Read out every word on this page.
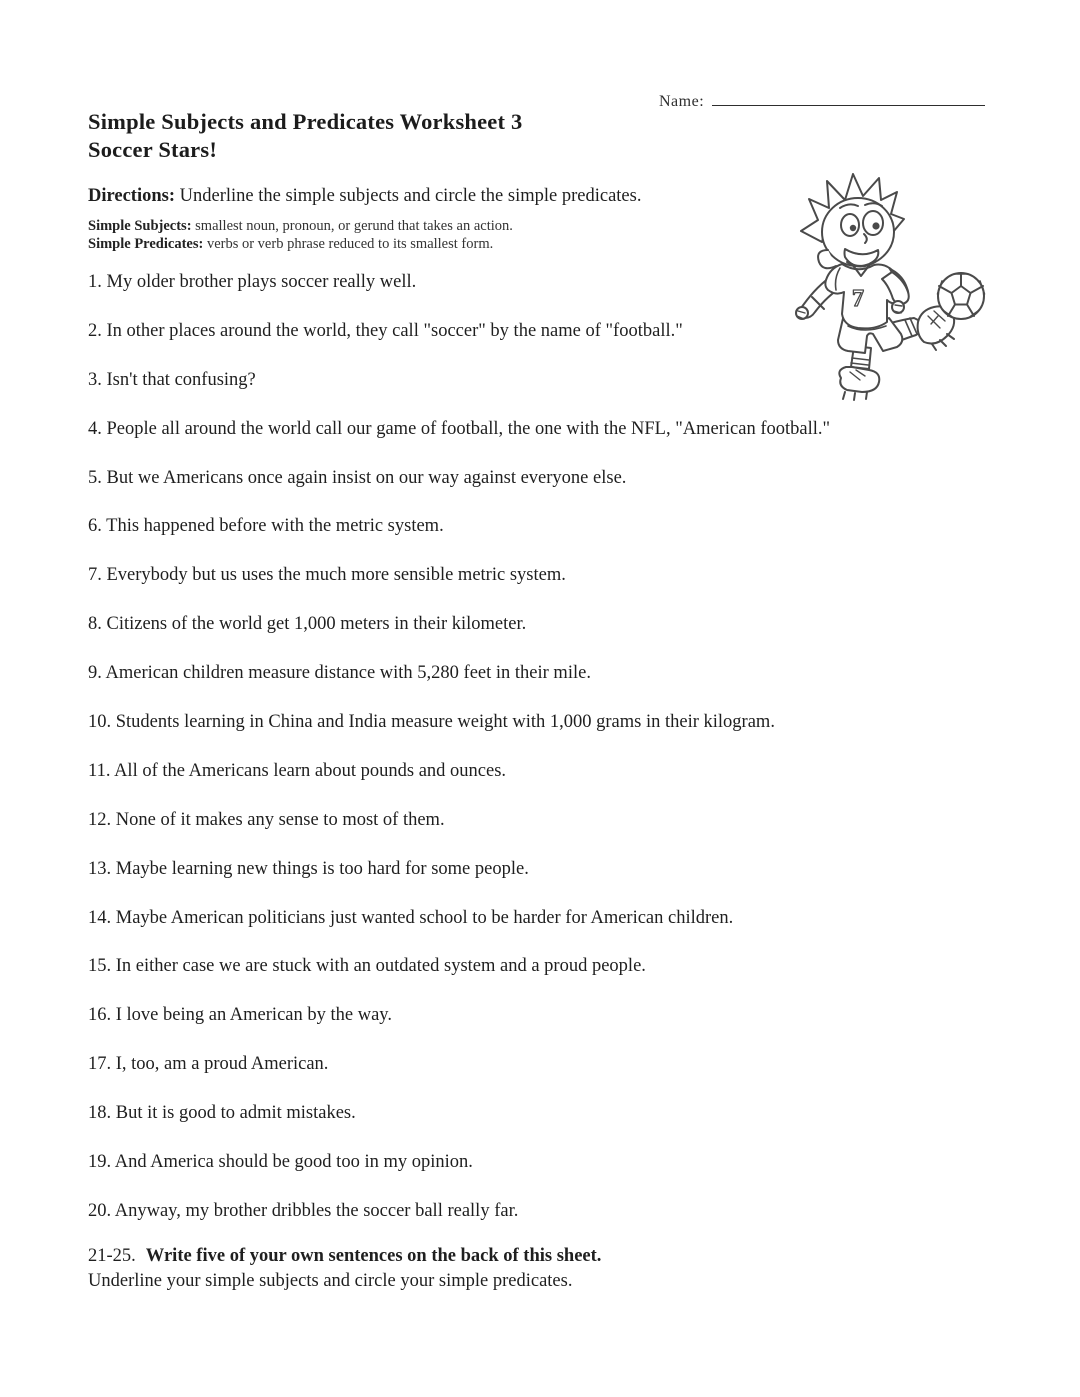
Name:
Simple Subjects and Predicates Worksheet 3
Soccer Stars!

Directions: Underline the simple subjects and circle the simple predicates.

Simple Subjects: smallest noun, pronoun, or gerund that takes an action.
Simple Predicates: verbs or verb phrase reduced to its smallest form.
1. My older brother plays soccer really well.
2. In other places around the world, they call "soccer" by the name of "football."
3. Isn't that confusing?
4. People all around the world call our game of football, the one with the NFL, "American football."
5. But we Americans once again insist on our way against everyone else.
6. This happened before with the metric system.
7. Everybody but us uses the much more sensible metric system.
8. Citizens of the world get 1,000 meters in their kilometer.
9. American children measure distance with 5,280 feet in their mile.
10. Students learning in China and India measure weight with 1,000 grams in their kilogram.
11. All of the Americans learn about pounds and ounces.
12. None of it makes any sense to most of them.
13. Maybe learning new things is too hard for some people.
14. Maybe American politicians just wanted school to be harder for American children.
15. In either case we are stuck with an outdated system and a proud people.
16. I love being an American by the way.
17. I, too, am a proud American.
18. But it is good to admit mistakes.
19. And America should be good too in my opinion.
20. Anyway, my brother dribbles the soccer ball really far.
21-25. Write five of your own sentences on the back of this sheet.
Underline your simple subjects and circle your simple predicates.
7
